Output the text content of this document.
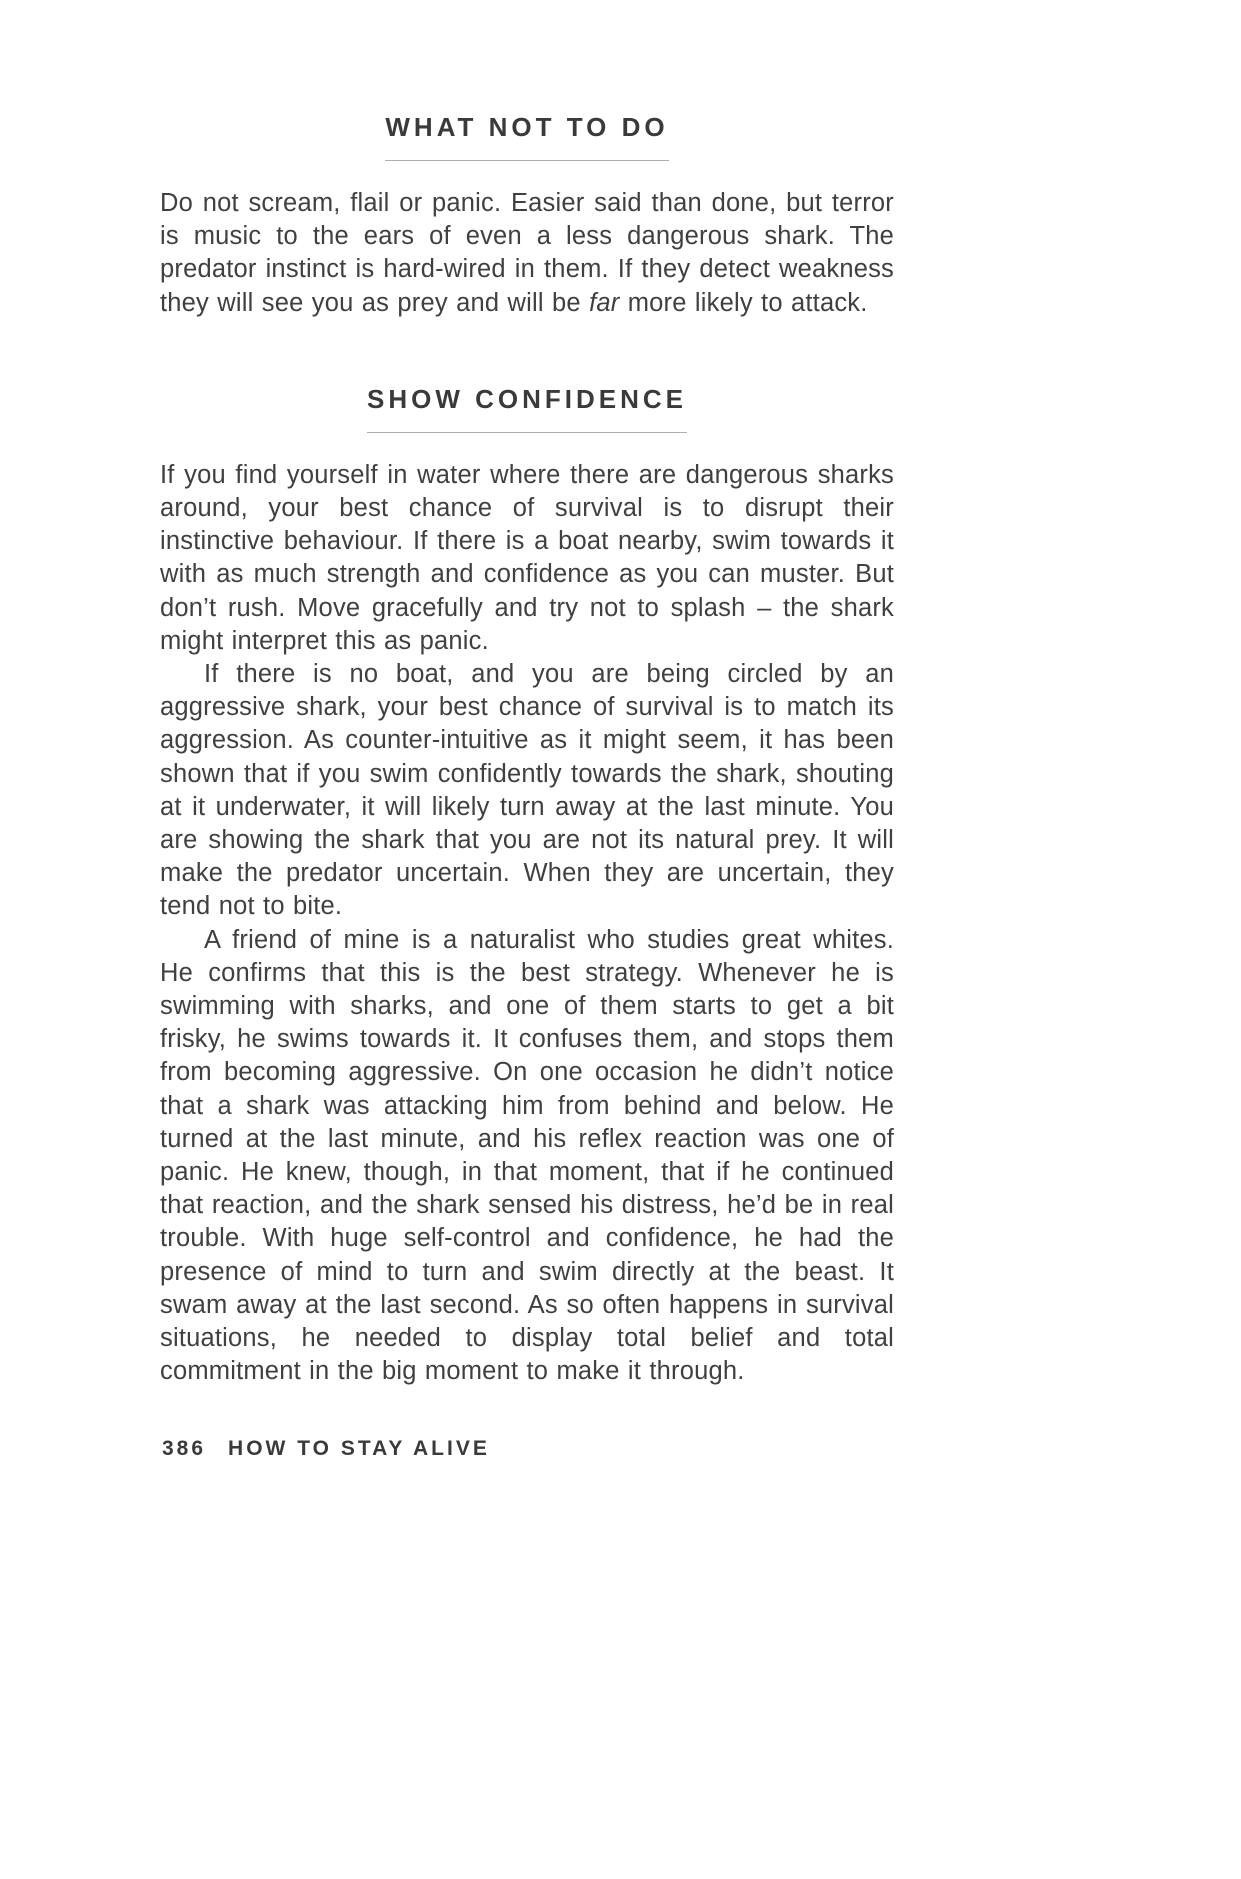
WHAT NOT TO DO

Do not scream, flail or panic. Easier said than done, but terror is music to the ears of even a less dangerous shark. The predator instinct is hard-wired in them. If they detect weakness they will see you as prey and will be far more likely to attack.

SHOW CONFIDENCE

If you find yourself in water where there are dangerous sharks around, your best chance of survival is to disrupt their instinctive behaviour. If there is a boat nearby, swim towards it with as much strength and confidence as you can muster. But don’t rush. Move gracefully and try not to splash – the shark might interpret this as panic.

If there is no boat, and you are being circled by an aggressive shark, your best chance of survival is to match its aggression. As counter-intuitive as it might seem, it has been shown that if you swim confidently towards the shark, shouting at it underwater, it will likely turn away at the last minute. You are showing the shark that you are not its natural prey. It will make the predator uncertain. When they are uncertain, they tend not to bite.

A friend of mine is a naturalist who studies great whites. He confirms that this is the best strategy. Whenever he is swimming with sharks, and one of them starts to get a bit frisky, he swims towards it. It confuses them, and stops them from becoming aggressive. On one occasion he didn’t notice that a shark was attacking him from behind and below. He turned at the last minute, and his reflex reaction was one of panic. He knew, though, in that moment, that if he continued that reaction, and the shark sensed his distress, he’d be in real trouble. With huge self-control and confidence, he had the presence of mind to turn and swim directly at the beast. It swam away at the last second. As so often happens in survival situations, he needed to display total belief and total commitment in the big moment to make it through.

386 HOW TO STAY ALIVE
